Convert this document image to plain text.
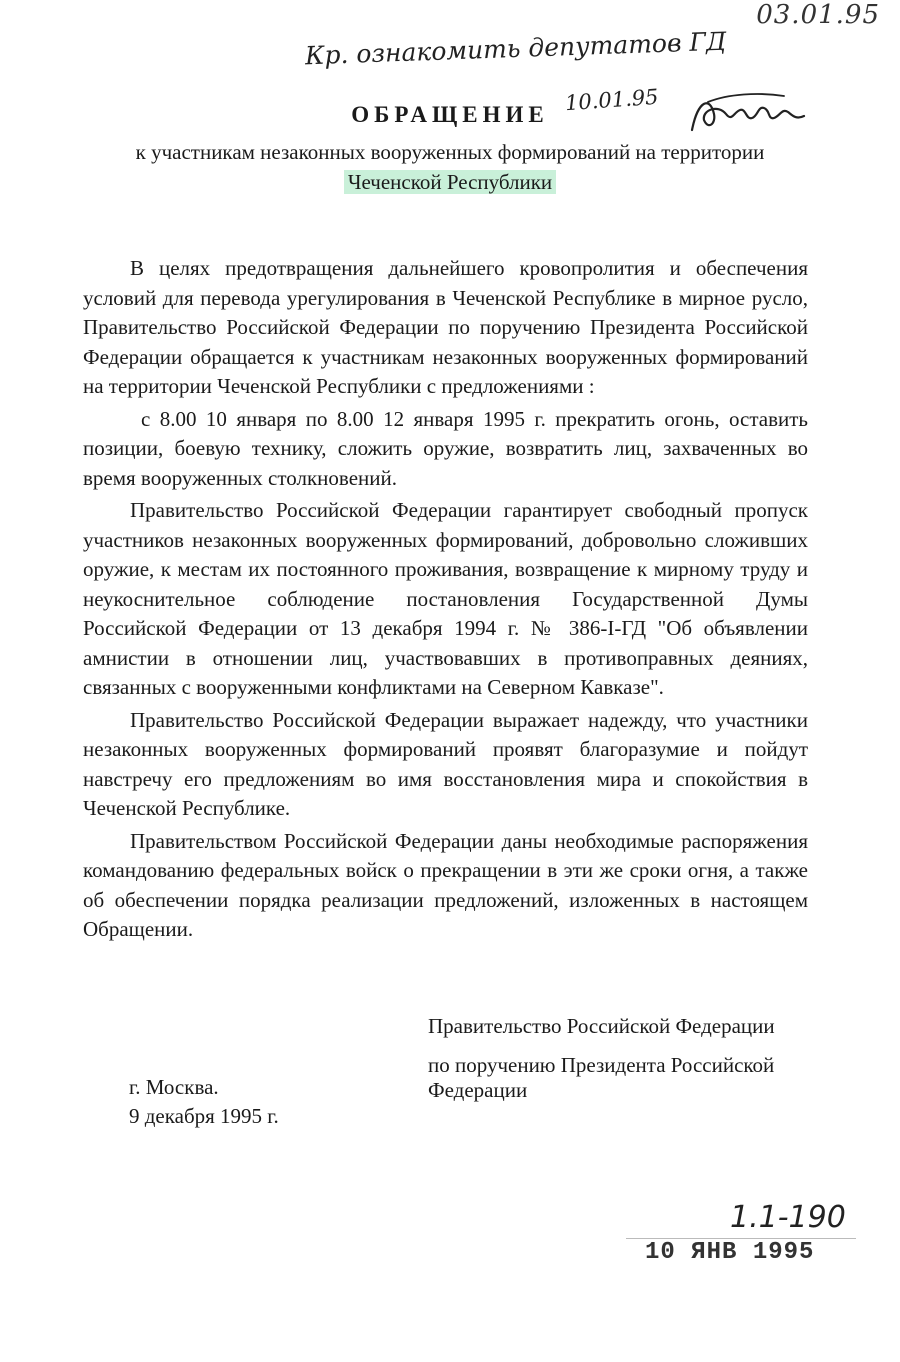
03.01.95
Кр. ознакомить депутатов ГД
10.01.95
ОБРАЩЕНИЕ
к участникам незаконных вооруженных формирований на территории
Чеченской Республики

В целях предотвращения дальнейшего кровопролития и обеспечения условий для перевода урегулирования в Чеченской Республике в мирное русло, Правительство Российской Федерации по поручению Президента Российской Федерации обращается к участникам незаконных вооруженных формирований на территории Чеченской Республики с предложениями :

с 8.00 10 января по 8.00 12 января 1995 г. прекратить огонь, оставить позиции, боевую технику, сложить оружие, возвратить лиц, захваченных во время вооруженных столкновений.

Правительство Российской Федерации гарантирует свободный пропуск участников незаконных вооруженных формирований, добровольно сложивших оружие, к местам их постоянного проживания, возвращение к мирному труду и неукоснительное соблюдение постановления Государственной Думы Российской Федерации от 13 декабря 1994 г. № 386-I-ГД "Об объявлении амнистии в отношении лиц, участвовавших в противоправных деяниях, связанных с вооруженными конфликтами на Северном Кавказе".

Правительство Российской Федерации выражает надежду, что участники незаконных вооруженных формирований проявят благоразумие и пойдут навстречу его предложениям во имя восстановления мира и спокойствия в Чеченской Республике.

Правительством Российской Федерации даны необходимые распоряжения командованию федеральных войск о прекращении в эти же сроки огня, а также об обеспечении порядка реализации предложений, изложенных в настоящем Обращении.

Правительство Российской Федерации
по поручению Президента Российской Федерации
г. Москва.
9 декабря 1995 г.
1.1-190
10 ЯНВ 1995
